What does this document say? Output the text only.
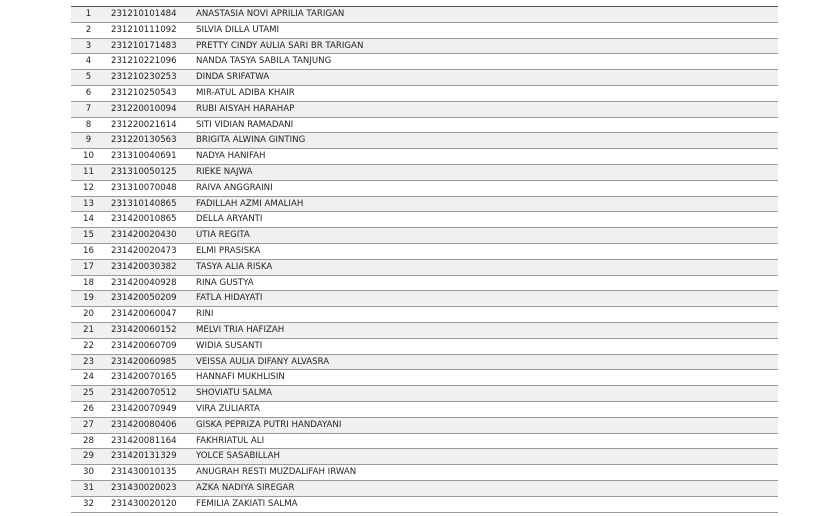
1	231210101484	ANASTASIA NOVI APRILIA TARIGAN
2	231210111092	SILVIA DILLA UTAMI
3	231210171483	PRETTY CINDY AULIA SARI BR TARIGAN
4	231210221096	NANDA TASYA SABILA TANJUNG
5	231210230253	DINDA SRIFATWA
6	231210250543	MIR-ATUL ADIBA KHAIR
7	231220010094	RUBI AISYAH HARAHAP
8	231220021614	SITI VIDIAN RAMADANI
9	231220130563	BRIGITA ALWINA GINTING
10	231310040691	NADYA HANIFAH
11	231310050125	RIEKE NAJWA
12	231310070048	RAIVA ANGGRAINI
13	231310140865	FADILLAH AZMI AMALIAH
14	231420010865	DELLA ARYANTI
15	231420020430	UTIA REGITA
16	231420020473	ELMI PRASISKA
17	231420030382	TASYA ALIA RISKA
18	231420040928	RINA GUSTYA
19	231420050209	FATLA HIDAYATI
20	231420060047	RINI
21	231420060152	MELVI TRIA HAFIZAH
22	231420060709	WIDIA SUSANTI
23	231420060985	VEISSA AULIA DIFANY ALVASRA
24	231420070165	HANNAFI MUKHLISIN
25	231420070512	SHOVIATU SALMA
26	231420070949	VIRA ZULIARTA
27	231420080406	GISKA PEPRIZA PUTRI HANDAYANI
28	231420081164	FAKHRIATUL ALI
29	231420131329	YOLCE SASABILLAH
30	231430010135	ANUGRAH RESTI MUZDALIFAH IRWAN
31	231430020023	AZKA NADIYA SIREGAR
32	231430020120	FEMILIA ZAKIATI SALMA
